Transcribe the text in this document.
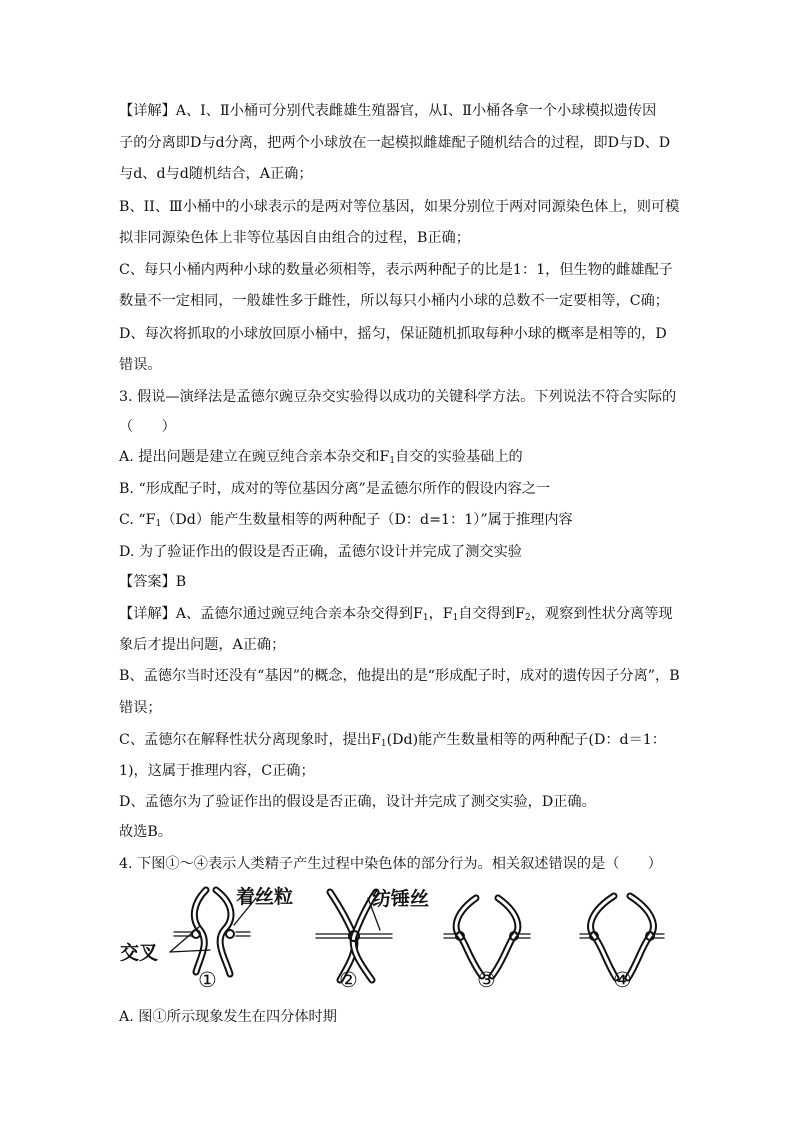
【详解】A、Ⅰ、Ⅱ小桶可分别代表雌雄生殖器官，从Ⅰ、Ⅱ小桶各拿一个小球模拟遗传因
子的分离即D与d分离，把两个小球放在一起模拟雌雄配子随机结合的过程，即D与D、D
与d、d与d随机结合，A正确；
B、II、Ⅲ小桶中的小球表示的是两对等位基因，如果分别位于两对同源染色体上，则可模
拟非同源染色体上非等位基因自由组合的过程，B正确；
C、每只小桶内两种小球的数量必须相等，表示两种配子的比是1：1，但生物的雌雄配子
数量不一定相同，一般雄性多于雌性，所以每只小桶内小球的总数不一定要相等，C确；
D、每次将抓取的小球放回原小桶中，摇匀，保证随机抓取每种小球的概率是相等的，D
错误。
3. 假说—演绎法是孟德尔豌豆杂交实验得以成功的关键科学方法。下列说法不符合实际的
（　　）
A. 提出问题是建立在豌豆纯合亲本杂交和$F_1$自交的实验基础上的
B. “形成配子时，成对的等位基因分离”是孟德尔所作的假设内容之一
C. “$F_1(Dd)$能产生数量相等的两种配子（D：d=1：1）”属于推理内容
D. 为了验证作出的假设是否正确，孟德尔设计并完成了测交实验
【答案】B
【详解】A、孟德尔通过豌豆纯合亲本杂交得到$F_1$，$F_1$自交得到$F_2$，观察到性状分离等现
象后才提出问题，A正确；
B、孟德尔当时还没有“基因”的概念，他提出的是“形成配子时，成对的遗传因子分离”，B
错误；
C、孟德尔在解释性状分离现象时，提出$F_1(Dd)$能产生数量相等的两种配子(D：d＝1：
1)，这属于推理内容，C正确；
D、孟德尔为了验证作出的假设是否正确，设计并完成了测交实验，D正确。
故选B。
4. 下图①～④表示人类精子产生过程中染色体的部分行为。相关叙述错误的是（　　）
着丝粒	纺锤丝
交叉
①	②	③	④
A. 图①所示现象发生在四分体时期
